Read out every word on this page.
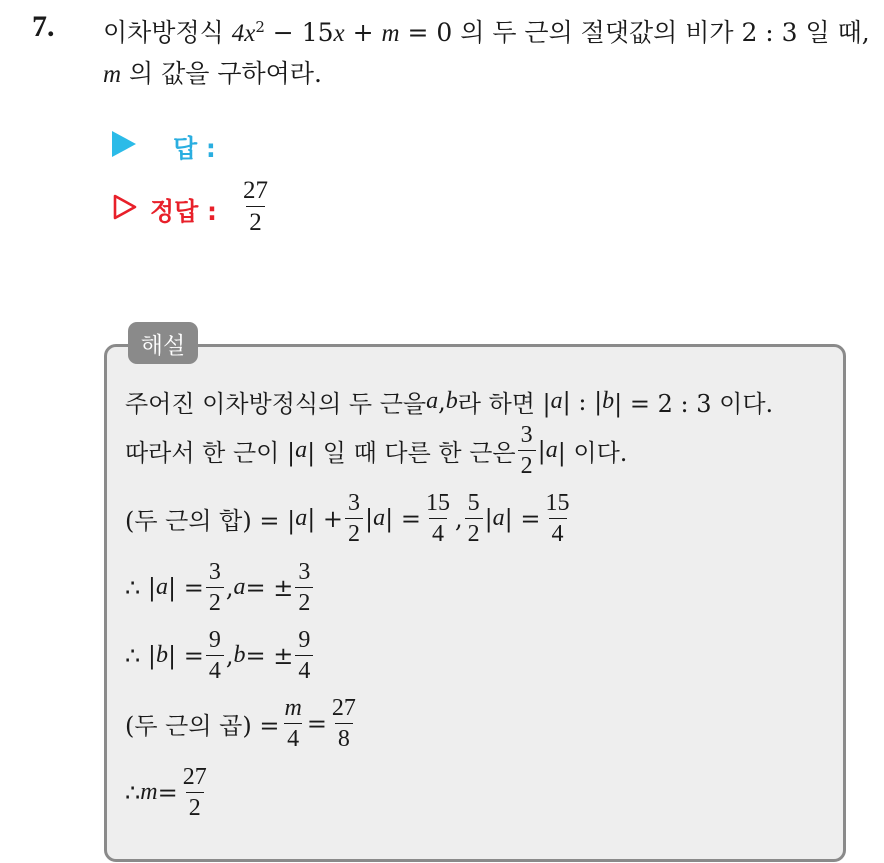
7. 이차방정식 $4x^2 - 15x + m = 0$ 의 두 근의 절댓값의 비가 2 : 3 일 때,
m 의 값을 구하여라.
답 :
정답 : $\frac{27}{2}$
해설
주어진 이차방정식의 두 근을 a , b 라 하면 | a | : | b | = 2 : 3 이다.
따라서 한 근이 | a | 일 때 다른 한 근은 $\frac{3}{2}$ | a | 이다.
(두 근의 합) = | a | + $\frac{3}{2}$ | a | = $\frac{15}{4}$ , $\frac{5}{2}$ | a | = $\frac{15}{4}$
∴ | a | = $\frac{3}{2}$ , a = ± $\frac{3}{2}$
∴ | b | = $\frac{9}{4}$ , b = ± $\frac{9}{4}$
(두 근의 곱) = $\frac{m}{4} = \frac{27}{8}$
∴ $m = \frac{27}{2}$
